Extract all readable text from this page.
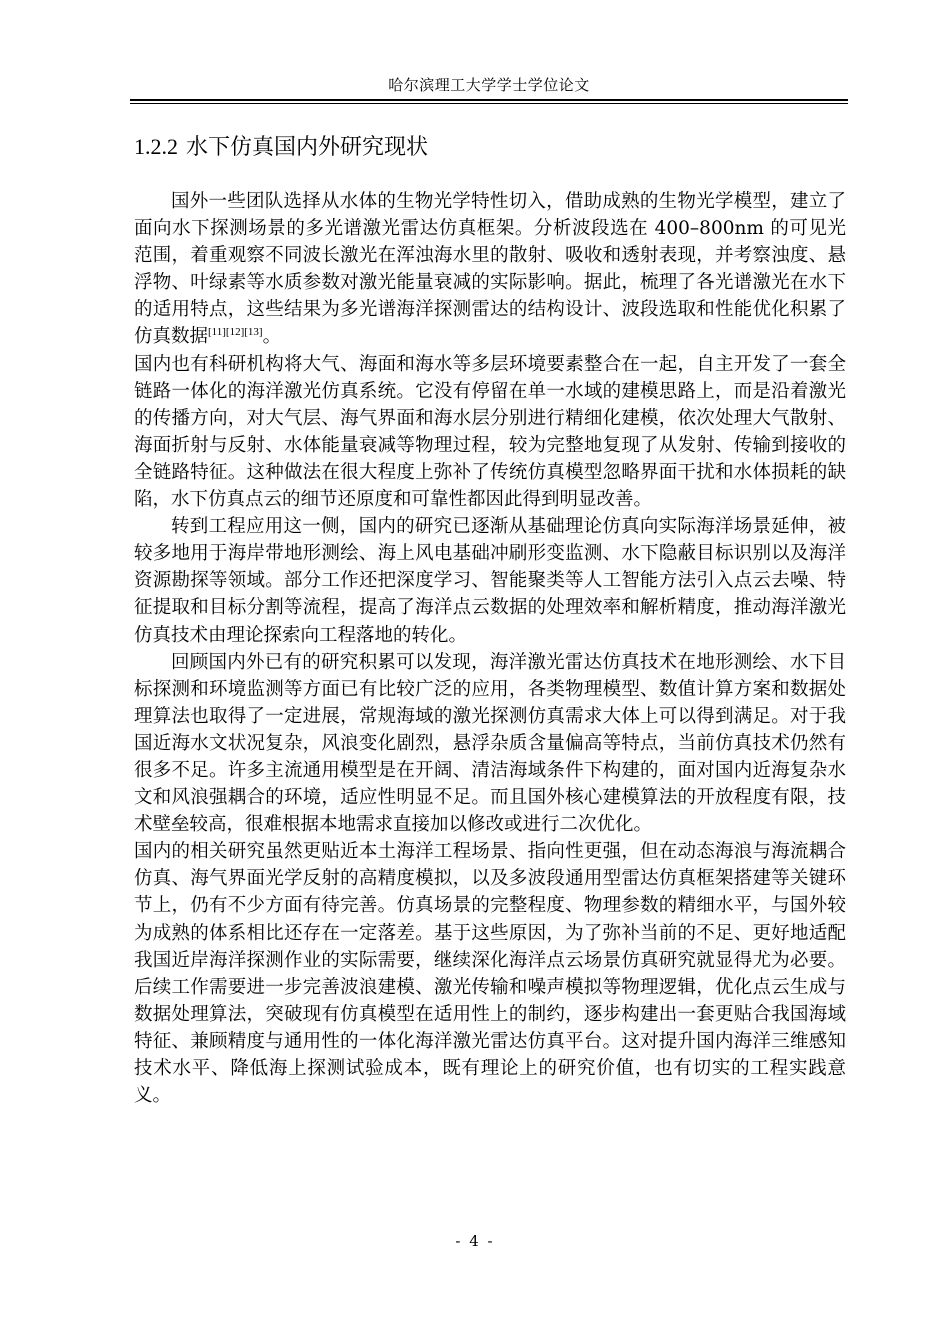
哈尔滨理工大学学士学位论文
1.2.2 水下仿真国内外研究现状

国外一些团队选择从水体的生物光学特性切入，借助成熟的生物光学模型，建立了面向水下探测场景的多光谱激光雷达仿真框架。分析波段选在 400–800nm 的可见光范围，着重观察不同波长激光在浑浊海水里的散射、吸收和透射表现，并考察浊度、悬浮物、叶绿素等水质参数对激光能量衰减的实际影响。据此，梳理了各光谱激光在水下的适用特点，这些结果为多光谱海洋探测雷达的结构设计、波段选取和性能优化积累了仿真数据[11][12][13]。

国内也有科研机构将大气、海面和海水等多层环境要素整合在一起，自主开发了一套全链路一体化的海洋激光仿真系统。它没有停留在单一水域的建模思路上，而是沿着激光的传播方向，对大气层、海气界面和海水层分别进行精细化建模，依次处理大气散射、海面折射与反射、水体能量衰减等物理过程，较为完整地复现了从发射、传输到接收的全链路特征。这种做法在很大程度上弥补了传统仿真模型忽略界面干扰和水体损耗的缺陷，水下仿真点云的细节还原度和可靠性都因此得到明显改善。

转到工程应用这一侧，国内的研究已逐渐从基础理论仿真向实际海洋场景延伸，被较多地用于海岸带地形测绘、海上风电基础冲刷形变监测、水下隐蔽目标识别以及海洋资源勘探等领域。部分工作还把深度学习、智能聚类等人工智能方法引入点云去噪、特征提取和目标分割等流程，提高了海洋点云数据的处理效率和解析精度，推动海洋激光仿真技术由理论探索向工程落地的转化。

回顾国内外已有的研究积累可以发现，海洋激光雷达仿真技术在地形测绘、水下目标探测和环境监测等方面已有比较广泛的应用，各类物理模型、数值计算方案和数据处理算法也取得了一定进展，常规海域的激光探测仿真需求大体上可以得到满足。对于我国近海水文状况复杂，风浪变化剧烈，悬浮杂质含量偏高等特点，当前仿真技术仍然有很多不足。许多主流通用模型是在开阔、清洁海域条件下构建的，面对国内近海复杂水文和风浪强耦合的环境，适应性明显不足。而且国外核心建模算法的开放程度有限，技术壁垒较高，很难根据本地需求直接加以修改或进行二次优化。

国内的相关研究虽然更贴近本土海洋工程场景、指向性更强，但在动态海浪与海流耦合仿真、海气界面光学反射的高精度模拟，以及多波段通用型雷达仿真框架搭建等关键环节上，仍有不少方面有待完善。仿真场景的完整程度、物理参数的精细水平，与国外较为成熟的体系相比还存在一定落差。基于这些原因，为了弥补当前的不足、更好地适配我国近岸海洋探测作业的实际需要，继续深化海洋点云场景仿真研究就显得尤为必要。后续工作需要进一步完善波浪建模、激光传输和噪声模拟等物理逻辑，优化点云生成与数据处理算法，突破现有仿真模型在适用性上的制约，逐步构建出一套更贴合我国海域特征、兼顾精度与通用性的一体化海洋激光雷达仿真平台。这对提升国内海洋三维感知技术水平、降低海上探测试验成本，既有理论上的研究价值，也有切实的工程实践意义。

- 4 -
